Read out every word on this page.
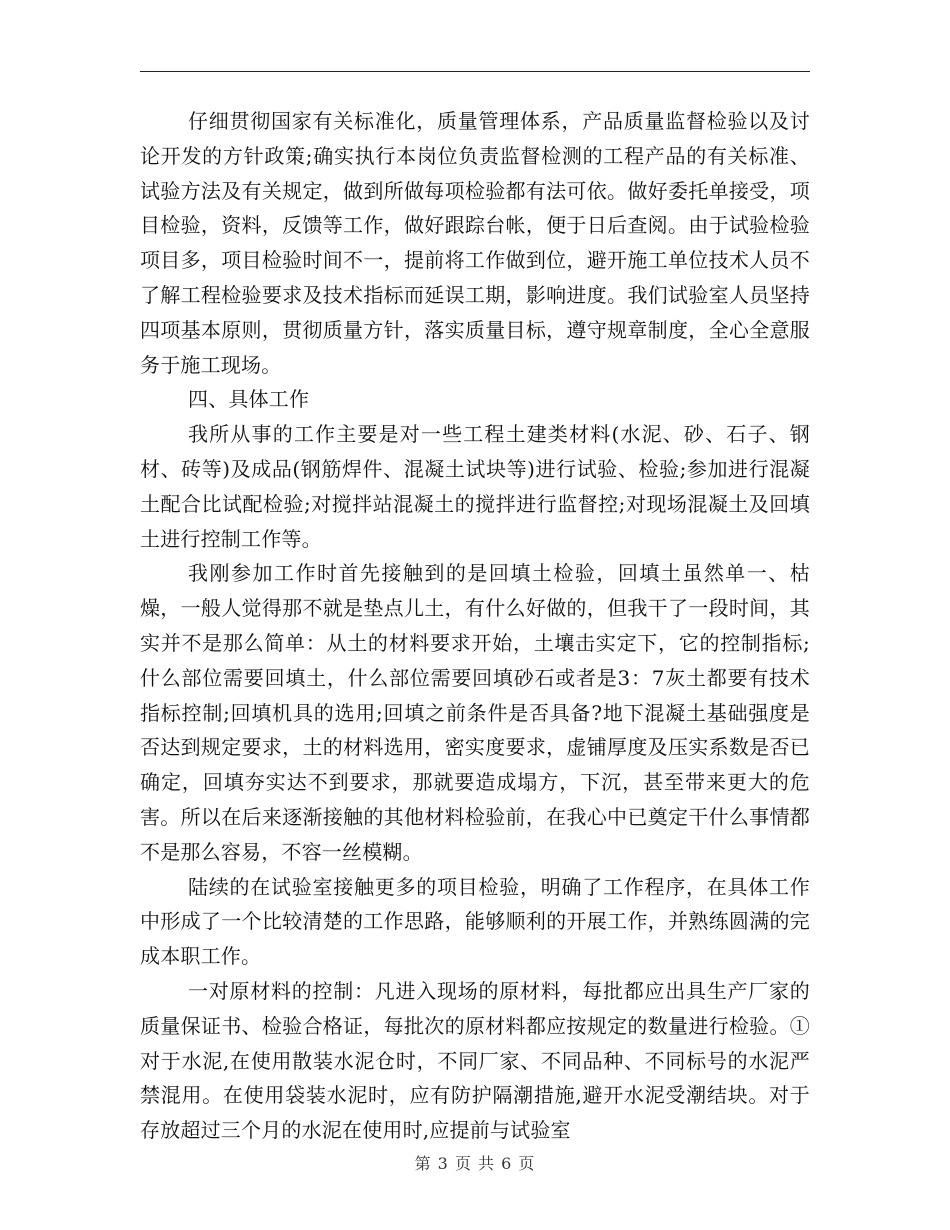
仔细贯彻国家有关标准化，质量管理体系，产品质量监督检验以及讨论开发的方针政策;确实执行本岗位负责监督检测的工程产品的有关标准、试验方法及有关规定，做到所做每项检验都有法可依。做好委托单接受，项目检验，资料，反馈等工作，做好跟踪台帐，便于日后查阅。由于试验检验项目多，项目检验时间不一，提前将工作做到位，避开施工单位技术人员不了解工程检验要求及技术指标而延误工期，影响进度。我们试验室人员坚持四项基本原则，贯彻质量方针，落实质量目标，遵守规章制度，全心全意服务于施工现场。

四、具体工作

我所从事的工作主要是对一些工程土建类材料(水泥、砂、石子、钢材、砖等)及成品(钢筋焊件、混凝土试块等)进行试验、检验;参加进行混凝土配合比试配检验;对搅拌站混凝土的搅拌进行监督控;对现场混凝土及回填土进行控制工作等。

我刚参加工作时首先接触到的是回填土检验，回填土虽然单一、枯燥，一般人觉得那不就是垫点儿土，有什么好做的，但我干了一段时间，其实并不是那么简单：从土的材料要求开始，土壤击实定下，它的控制指标;什么部位需要回填土，什么部位需要回填砂石或者是3：7灰土都要有技术指标控制;回填机具的选用;回填之前条件是否具备?地下混凝土基础强度是否达到规定要求，土的材料选用，密实度要求，虚铺厚度及压实系数是否已确定，回填夯实达不到要求，那就要造成塌方，下沉，甚至带来更大的危害。所以在后来逐渐接触的其他材料检验前，在我心中已奠定干什么事情都不是那么容易，不容一丝模糊。

陆续的在试验室接触更多的项目检验，明确了工作程序，在具体工作中形成了一个比较清楚的工作思路，能够顺利的开展工作，并熟练圆满的完成本职工作。

一对原材料的控制：凡进入现场的原材料，每批都应出具生产厂家的质量保证书、检验合格证，每批次的原材料都应按规定的数量进行检验。①对于水泥,在使用散装水泥仓时，不同厂家、不同品种、不同标号的水泥严禁混用。在使用袋装水泥时，应有防护隔潮措施,避开水泥受潮结块。对于存放超过三个月的水泥在使用时,应提前与试验室

第 3 页 共 6 页
